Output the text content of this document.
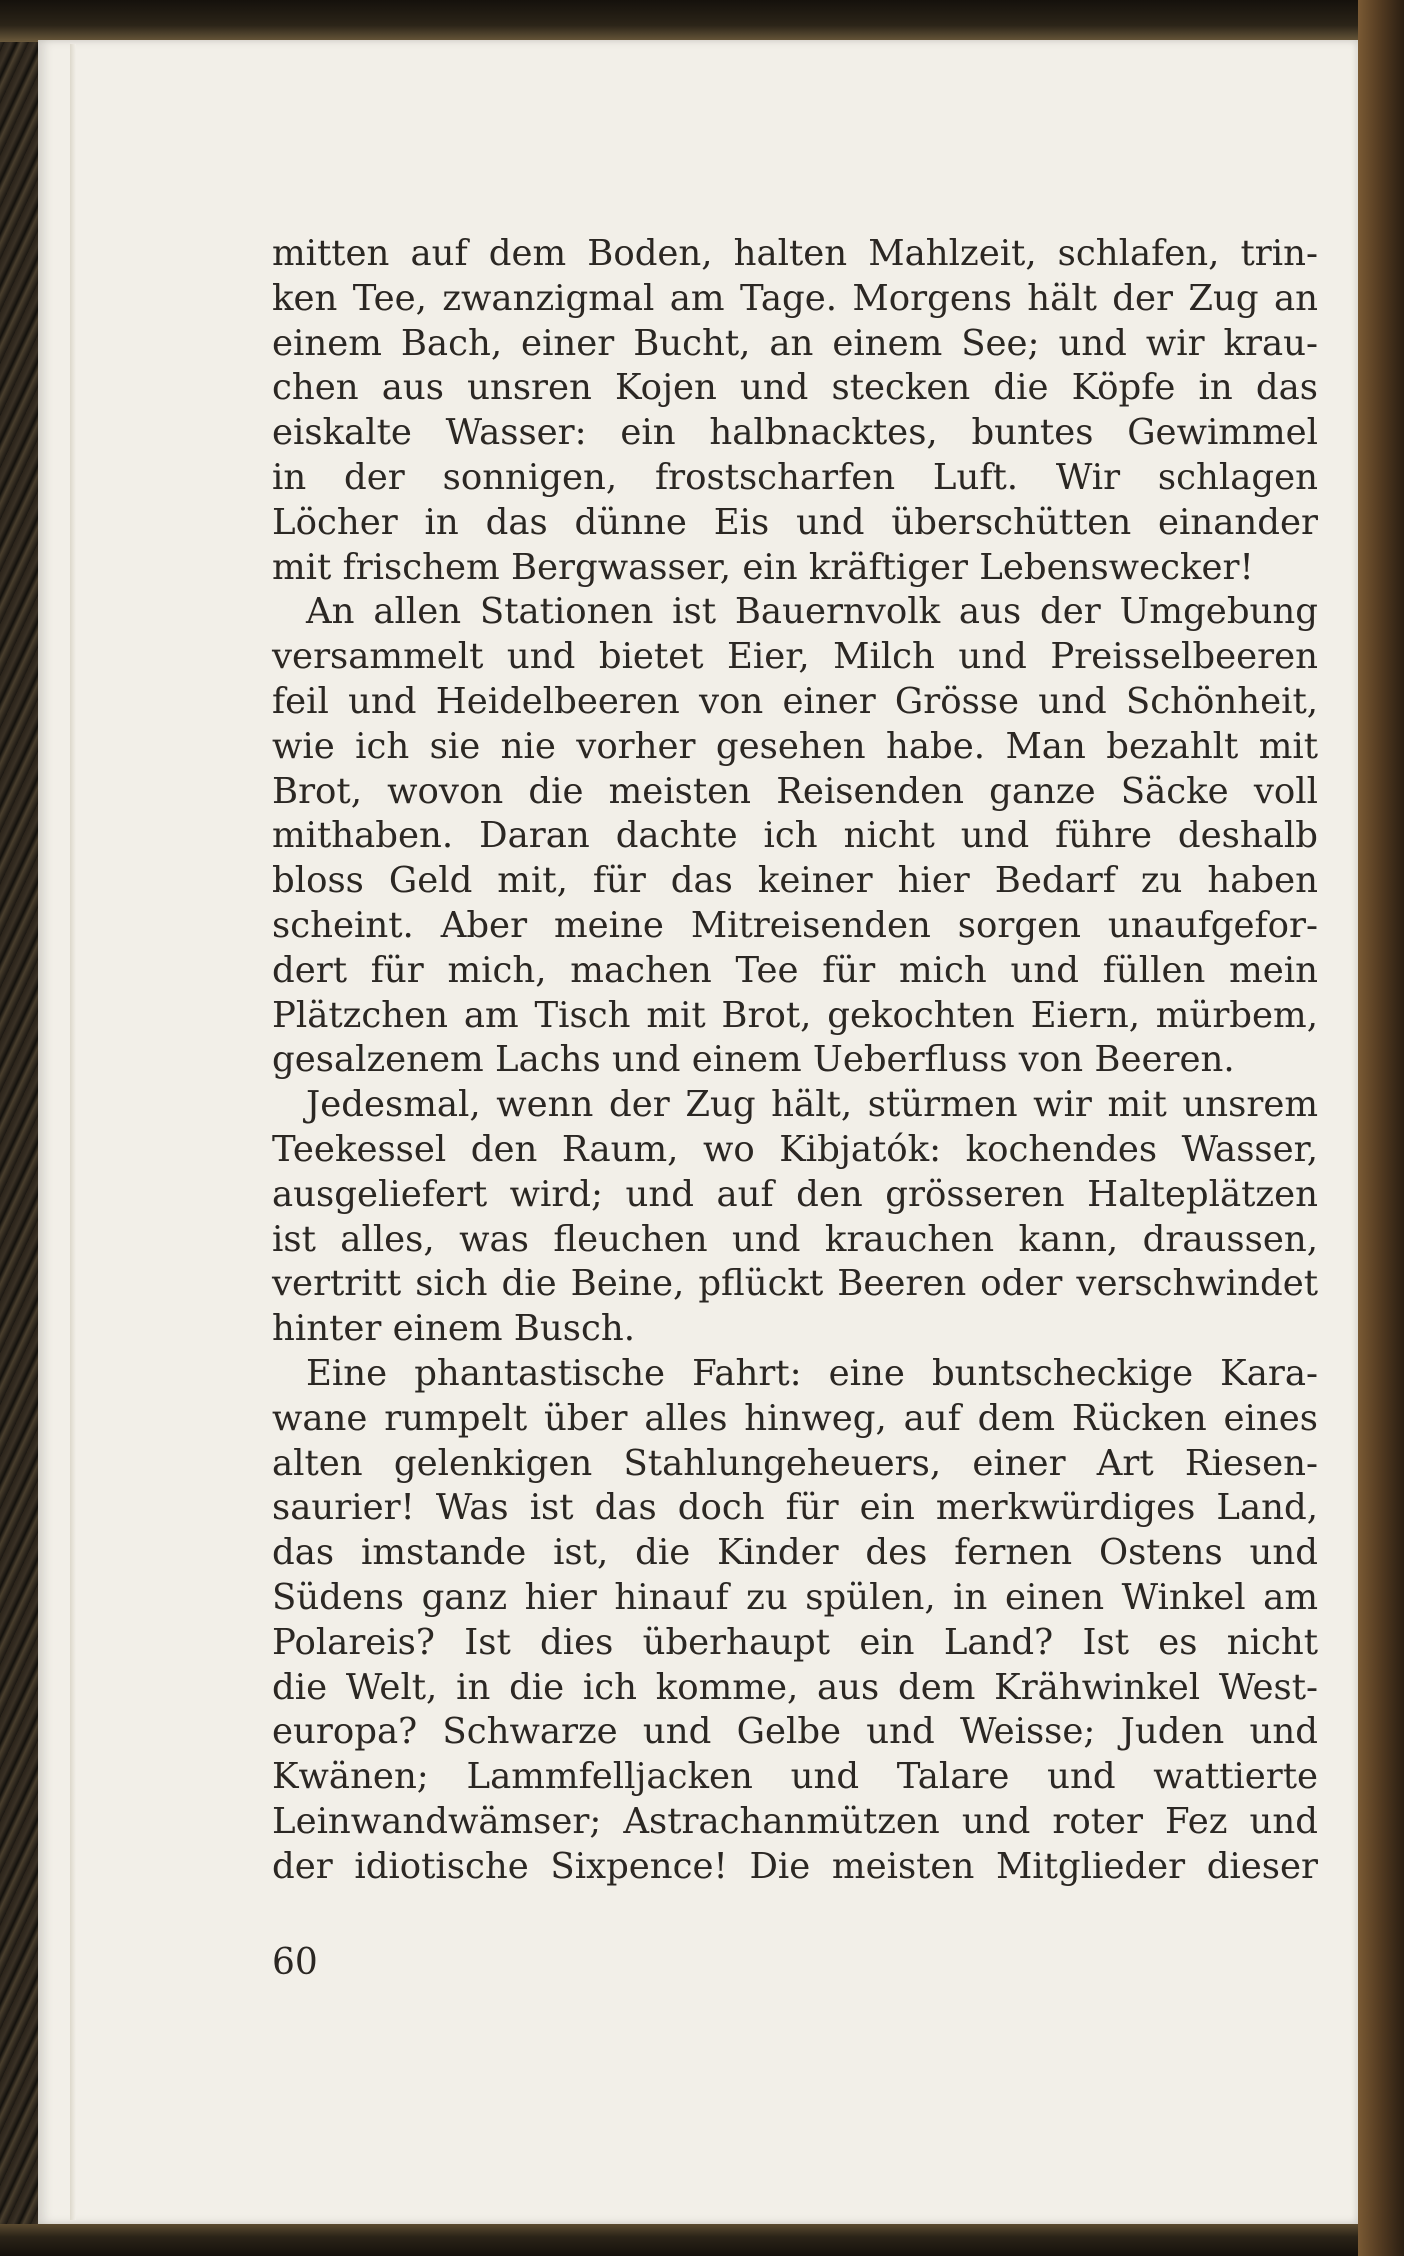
mitten auf dem Boden, halten Mahlzeit, schlafen, trin-
ken Tee, zwanzigmal am Tage. Morgens hält der Zug an
einem Bach, einer Bucht, an einem See; und wir krau-
chen aus unsren Kojen und stecken die Köpfe in das
eiskalte Wasser: ein halbnacktes, buntes Gewimmel
in der sonnigen, frostscharfen Luft. Wir schlagen
Löcher in das dünne Eis und überschütten einander
mit frischem Bergwasser, ein kräftiger Lebenswecker!
An allen Stationen ist Bauernvolk aus der Umgebung
versammelt und bietet Eier, Milch und Preisselbeeren
feil und Heidelbeeren von einer Grösse und Schönheit,
wie ich sie nie vorher gesehen habe. Man bezahlt mit
Brot, wovon die meisten Reisenden ganze Säcke voll
mithaben. Daran dachte ich nicht und führe deshalb
bloss Geld mit, für das keiner hier Bedarf zu haben
scheint. Aber meine Mitreisenden sorgen unaufgefor-
dert für mich, machen Tee für mich und füllen mein
Plätzchen am Tisch mit Brot, gekochten Eiern, mürbem,
gesalzenem Lachs und einem Ueberfluss von Beeren.
Jedesmal, wenn der Zug hält, stürmen wir mit unsrem
Teekessel den Raum, wo Kibjatók: kochendes Wasser,
ausgeliefert wird; und auf den grösseren Halteplätzen
ist alles, was fleuchen und krauchen kann, draussen,
vertritt sich die Beine, pflückt Beeren oder verschwindet
hinter einem Busch.
Eine phantastische Fahrt: eine buntscheckige Kara-
wane rumpelt über alles hinweg, auf dem Rücken eines
alten gelenkigen Stahlungeheuers, einer Art Riesen-
saurier! Was ist das doch für ein merkwürdiges Land,
das imstande ist, die Kinder des fernen Ostens und
Südens ganz hier hinauf zu spülen, in einen Winkel am
Polareis? Ist dies überhaupt ein Land? Ist es nicht
die Welt, in die ich komme, aus dem Krähwinkel West-
europa? Schwarze und Gelbe und Weisse; Juden und
Kwänen; Lammfelljacken und Talare und wattierte
Leinwandwämser; Astrachanmützen und roter Fez und
der idiotische Sixpence! Die meisten Mitglieder dieser
60
